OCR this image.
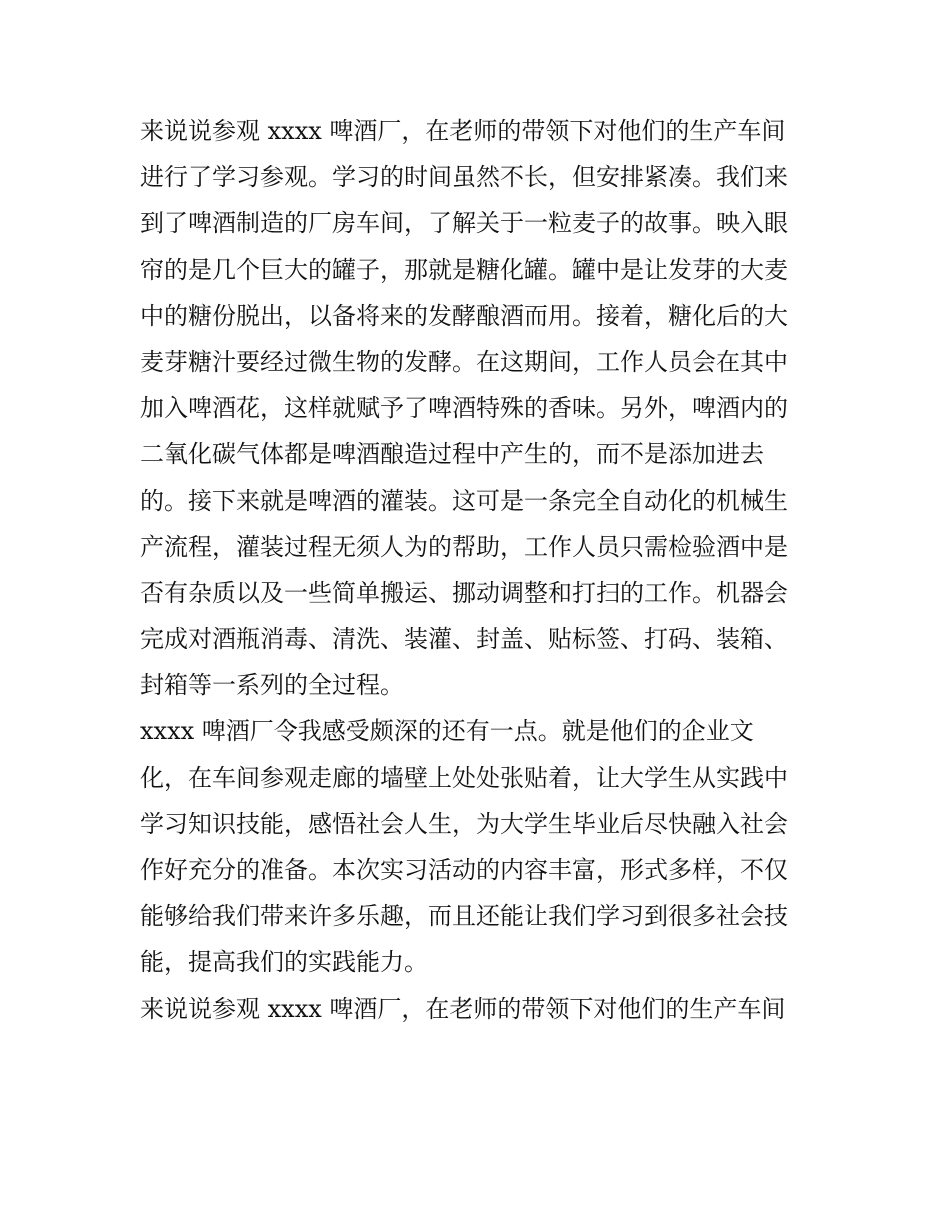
来说说参观 xxxx 啤酒厂，在老师的带领下对他们的生产车间
进行了学习参观。学习的时间虽然不长，但安排紧凑。我们来
到了啤酒制造的厂房车间，了解关于一粒麦子的故事。映入眼
帘的是几个巨大的罐子，那就是糖化罐。罐中是让发芽的大麦
中的糖份脱出，以备将来的发酵酿酒而用。接着，糖化后的大
麦芽糖汁要经过微生物的发酵。在这期间，工作人员会在其中
加入啤酒花，这样就赋予了啤酒特殊的香味。另外，啤酒内的
二氧化碳气体都是啤酒酿造过程中产生的，而不是添加进去
的。接下来就是啤酒的灌装。这可是一条完全自动化的机械生
产流程，灌装过程无须人为的帮助，工作人员只需检验酒中是
否有杂质以及一些简单搬运、挪动调整和打扫的工作。机器会
完成对酒瓶消毒、清洗、装灌、封盖、贴标签、打码、装箱、
封箱等一系列的全过程。
xxxx 啤酒厂令我感受颇深的还有一点。就是他们的企业文
化，在车间参观走廊的墙壁上处处张贴着，让大学生从实践中
学习知识技能，感悟社会人生，为大学生毕业后尽快融入社会
作好充分的准备。本次实习活动的内容丰富，形式多样，不仅
能够给我们带来许多乐趣，而且还能让我们学习到很多社会技
能，提高我们的实践能力。
来说说参观 xxxx 啤酒厂，在老师的带领下对他们的生产车间
